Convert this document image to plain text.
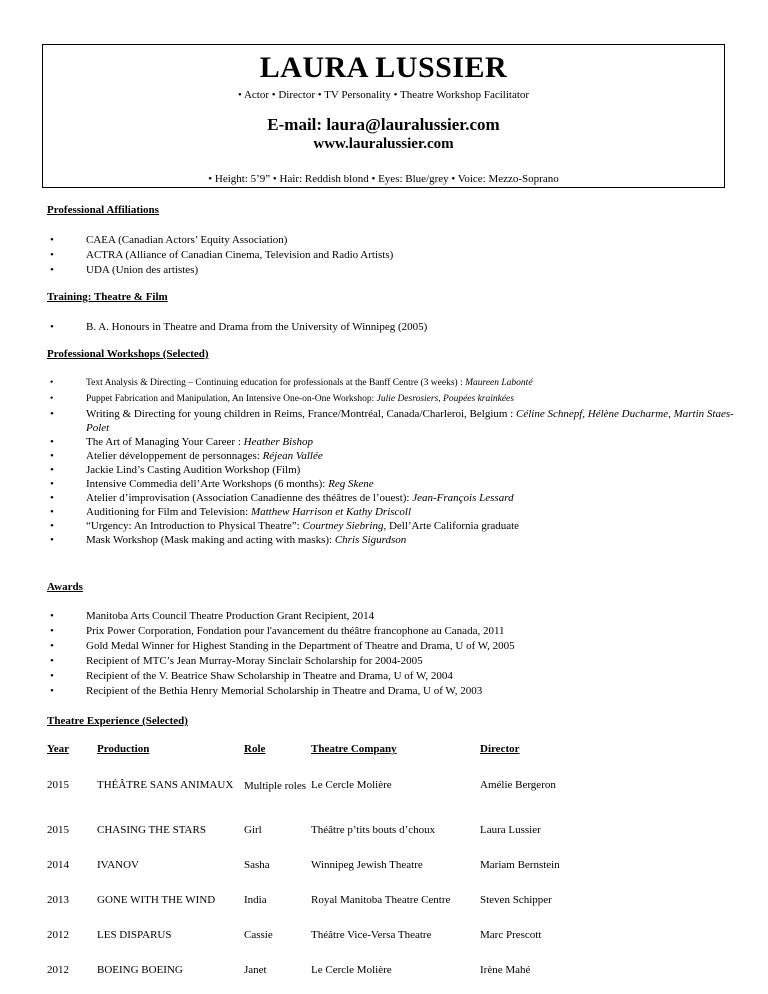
LAURA LUSSIER
• Actor • Director • TV Personality • Theatre Workshop Facilitator
E-mail: laura@lauralussier.com
www.lauralussier.com
• Height: 5’9” • Hair: Reddish blond • Eyes: Blue/grey • Voice: Mezzo-Soprano
Professional Affiliations
• CAEA (Canadian Actors’ Equity Association)
• ACTRA (Alliance of Canadian Cinema, Television and Radio Artists)
• UDA (Union des artistes)
Training: Theatre & Film
• B. A. Honours in Theatre and Drama from the University of Winnipeg (2005)
Professional Workshops (Selected)
• Text Analysis & Directing – Continuing education for professionals at the Banff Centre (3 weeks) : Maureen Labonté
• Puppet Fabrication and Manipulation, An Intensive One-on-One Workshop: Julie Desrosiers, Poupées krainkées
• Writing & Directing for young children in Reims, France/Montréal, Canada/Charleroi, Belgium : Céline Schnepf, Hélène Ducharme, Martin Staes-Polet
• The Art of Managing Your Career : Heather Bishop
• Atelier développement de personnages: Réjean Vallée
• Jackie Lind’s Casting Audition Workshop (Film)
• Intensive Commedia dell’Arte Workshops (6 months): Reg Skene
• Atelier d’improvisation (Association Canadienne des théâtres de l’ouest): Jean-François Lessard
• Auditioning for Film and Television: Matthew Harrison et Kathy Driscoll
• “Urgency: An Introduction to Physical Theatre”: Courtney Siebring, Dell’Arte California graduate
• Mask Workshop (Mask making and acting with masks): Chris Sigurdson
Awards
• Manitoba Arts Council Theatre Production Grant Recipient, 2014
• Prix Power Corporation, Fondation pour l'avancement du théâtre francophone au Canada, 2011
• Gold Medal Winner for Highest Standing in the Department of Theatre and Drama, U of W, 2005
• Recipient of MTC’s Jean Murray-Moray Sinclair Scholarship for 2004-2005
• Recipient of the V. Beatrice Shaw Scholarship in Theatre and Drama, U of W, 2004
• Recipient of the Bethia Henry Memorial Scholarship in Theatre and Drama, U of W, 2003
Theatre Experience (Selected)
Year	Production	Role	Theatre Company	Director
2015	THÉÂTRE SANS ANIMAUX	Multiple roles	Le Cercle Molière	Amélie Bergeron
2015	CHASING THE STARS	Girl	Théâtre p’tits bouts d’choux	Laura Lussier
2014	IVANOV	Sasha	Winnipeg Jewish Theatre	Mariam Bernstein
2013	GONE WITH THE WIND	India	Royal Manitoba Theatre Centre	Steven Schipper
2012	LES DISPARUS	Cassie	Théâtre Vice-Versa Theatre	Marc Prescott
2012	BOEING BOEING	Janet	Le Cercle Molière	Irène Mahé
